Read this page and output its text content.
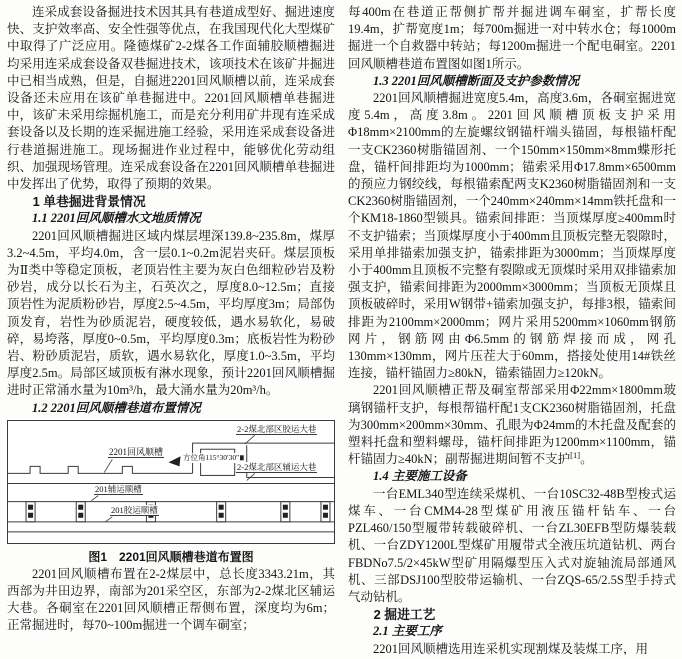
连采成套设备掘进技术因其具有巷道成型好、掘进速度快、支护效率高、安全性强等优点，在我国现代化大型煤矿中取得了广泛应用。隆德煤矿2-2煤各工作面辅胶顺槽掘进均采用连采成套设备双巷掘进技术，该项技术在该矿井掘进中已相当成熟，但是，自掘进2201回风顺槽以前，连采成套设备还未应用在该矿单巷掘进中。2201回风顺槽单巷掘进中，该矿未采用综掘机施工，而是充分利用矿井现有连采成套设备以及长期的连采掘进施工经验，采用连采成套设备进行巷道掘进施工。现场掘进作业过程中，能够优化劳动组织、加强现场管理。连采成套设备在2201回风顺槽单巷掘进中发挥出了优势，取得了预期的效果。

1 单巷掘进背景情况

1.1 2201回风顺槽水文地质情况

2201回风顺槽掘进区域内煤层埋深139.8~235.8m，煤厚3.2~4.5m，平均4.0m，含一层0.1~0.2m泥岩夹矸。煤层顶板为Ⅱ类中等稳定顶板，老顶岩性主要为灰白色细粒砂岩及粉砂岩，成分以长石为主，石英次之，厚度8.0~12.5m；直接顶岩性为泥质粉砂岩，厚度2.5~4.5m，平均厚度3m；局部伪顶发育，岩性为砂质泥岩，硬度较低，遇水易软化，易破碎，易垮落，厚度0~0.5m，平均厚度0.3m；底板岩性为粉砂岩、粉砂质泥岩，质软，遇水易软化，厚度1.0~3.5m，平均厚度2.5m。局部区域顶板有淋水现象，预计2201回风顺槽掘进时正常涌水量为10m³/h，最大涌水量为20m³/h。

1.2 2201回风顺槽巷道布置情况

2201回风顺槽
方位角115°30′30″
2-2煤北部区胶运大巷
2-2煤北部区辅运大巷
201辅运顺槽
201胶运顺槽
图1　2201回风顺槽巷道布置图

2201回风顺槽布置在2-2煤层中，总长度3343.21m，其西部为井田边界，南部为201采空区，东部为2-2煤北区辅运大巷。各硐室在2201回风顺槽正帮侧布置，深度均为6m；正常掘进时，每70~100m掘进一个调车硐室；

每400m在巷道正帮侧扩帮并掘进调车硐室，扩帮长度19.4m，扩帮宽度1m；每700m掘进一对中转水仓；每1000m掘进一个自救器中转站；每1200m掘进一个配电硐室。2201回风顺槽巷道布置图如图1所示。

1.3 2201回风顺槽断面及支护参数情况

2201回风顺槽掘进宽度5.4m，高度3.6m，各硐室掘进宽度5.4m，高度3.8m。2201回风顺槽顶板支护采用Φ18mm×2100mm的左旋螺纹钢锚杆端头锚固，每根锚杆配一支CK2360树脂锚固剂、一个150mm×150mm×8mm蝶形托盘，锚杆间排距均为1000mm；锚索采用Φ17.8mm×6500mm的预应力钢绞线，每根锚索配两支K2360树脂锚固剂和一支CK2360树脂锚固剂，一个240mm×240mm×14mm铁托盘和一个KM18-1860型锁具。锚索间排距：当顶煤厚度≥400mm时不支护锚索；当顶煤厚度小于400mm且顶板完整无裂隙时，采用单排锚索加强支护，锚索排距为3000mm；当顶煤厚度小于400mm且顶板不完整有裂隙或无顶煤时采用双排锚索加强支护，锚索间排距为2000mm×3000mm；当顶板无顶煤且顶板破碎时，采用W钢带+锚索加强支护，每排3根，锚索间排距为2100mm×2000mm；网片采用5200mm×1060mm钢筋网片，钢筋网由Φ6.5mm的钢筋焊接而成，网孔130mm×130mm，网片压茬大于60mm，搭接处使用14#铁丝连接，锚杆锚固力≥80kN，锚索锚固力≥120kN。

2201回风顺槽正帮及硐室帮部采用Φ22mm×1800mm玻璃钢锚杆支护，每根帮锚杆配1支CK2360树脂锚固剂，托盘为300mm×200mm×30mm、孔眼为Φ24mm的木托盘及配套的塑料托盘和塑料螺母，锚杆间排距为1200mm×1100mm，锚杆锚固力≥40kN；副帮掘进期间暂不支护[1]。

1.4 主要施工设备

一台EML340型连续采煤机、一台10SC32-48B型梭式运煤车、一台CMM4-28型煤矿用液压锚杆钻车、一台PZL460/150型履带转载破碎机、一台ZL30EFB型防爆装载机、一台ZDY1200L型煤矿用履带式全液压坑道钻机、两台FBDNo7.5/2×45kW型矿用隔爆型压入式对旋轴流局部通风机、三部DSJ100型胶带运输机、一台ZQS-65/2.5S型手持式气动钻机。

2 掘进工艺

2.1 主要工序

2201回风顺槽选用连采机实现割煤及装煤工序，用
